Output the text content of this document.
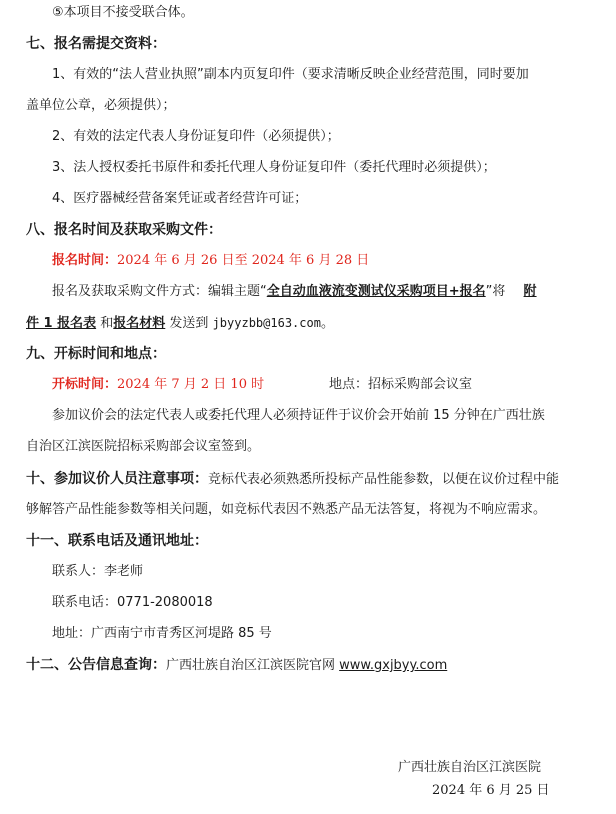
⑤本项目不接受联合体。
七、报名需提交资料：
1、有效的“法人营业执照”副本内页复印件（要求清晰反映企业经营范围，同时要加
盖单位公章，必须提供）；
2、有效的法定代表人身份证复印件（必须提供）；
3、法人授权委托书原件和委托代理人身份证复印件（委托代理时必须提供）；
4、医疗器械经营备案凭证或者经营许可证；
八、报名时间及获取采购文件：
报名时间：2024 年 6 月 26 日至 2024 年 6 月 28 日
报名及获取采购文件方式：编辑主题“全自动血液流变测试仪采购项目+报名”将 附
件 1 报名表 和报名材料 发送到 jbyyzbb@163.com。
九、开标时间和地点：
开标时间：2024 年 7 月 2 日 10 时	地点：招标采购部会议室
参加议价会的法定代表人或委托代理人必须持证件于议价会开始前 15 分钟在广西壮族
自治区江滨医院招标采购部会议室签到。
十、参加议价人员注意事项：竞标代表必须熟悉所投标产品性能参数，以便在议价过程中能
够解答产品性能参数等相关问题，如竞标代表因不熟悉产品无法答复，将视为不响应需求。
十一、联系电话及通讯地址：
联系人：李老师
联系电话：0771-2080018
地址：广西南宁市青秀区河堤路 85 号
十二、公告信息查询：广西壮族自治区江滨医院官网 www.gxjbyy.com
广西壮族自治区江滨医院
2024 年 6 月 25 日
